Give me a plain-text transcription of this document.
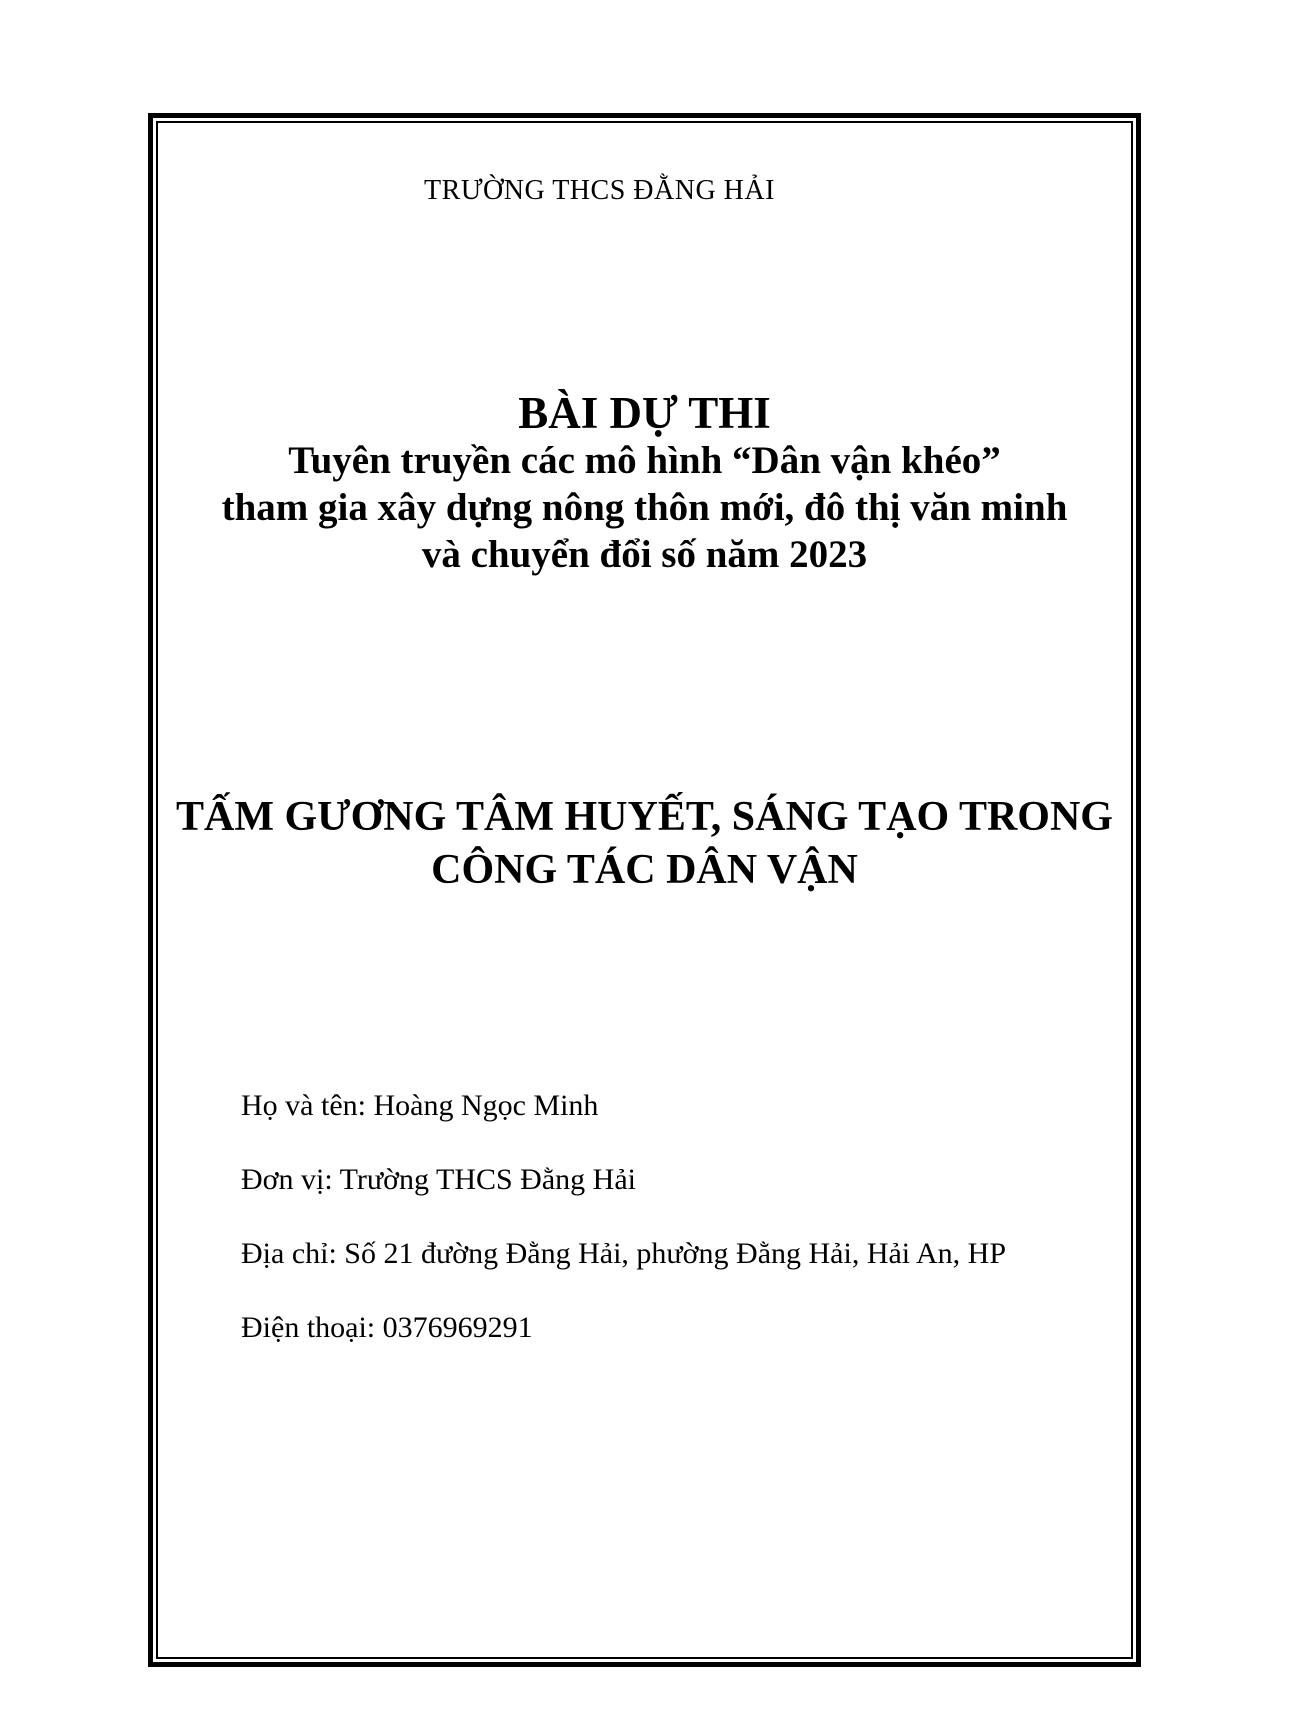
TRƯỜNG THCS ĐẰNG HẢI
BÀI DỰ THI
Tuyên truyền các mô hình “Dân vận khéo”
tham gia xây dựng nông thôn mới, đô thị văn minh
và chuyển đổi số năm 2023
TẤM GƯƠNG TÂM HUYẾT, SÁNG TẠO TRONG
CÔNG TÁC DÂN VẬN

Họ và tên: Hoàng Ngọc Minh

Đơn vị: Trường THCS Đằng Hải

Địa chỉ: Số 21 đường Đằng Hải, phường Đằng Hải, Hải An, HP

Điện thoại: 0376969291
